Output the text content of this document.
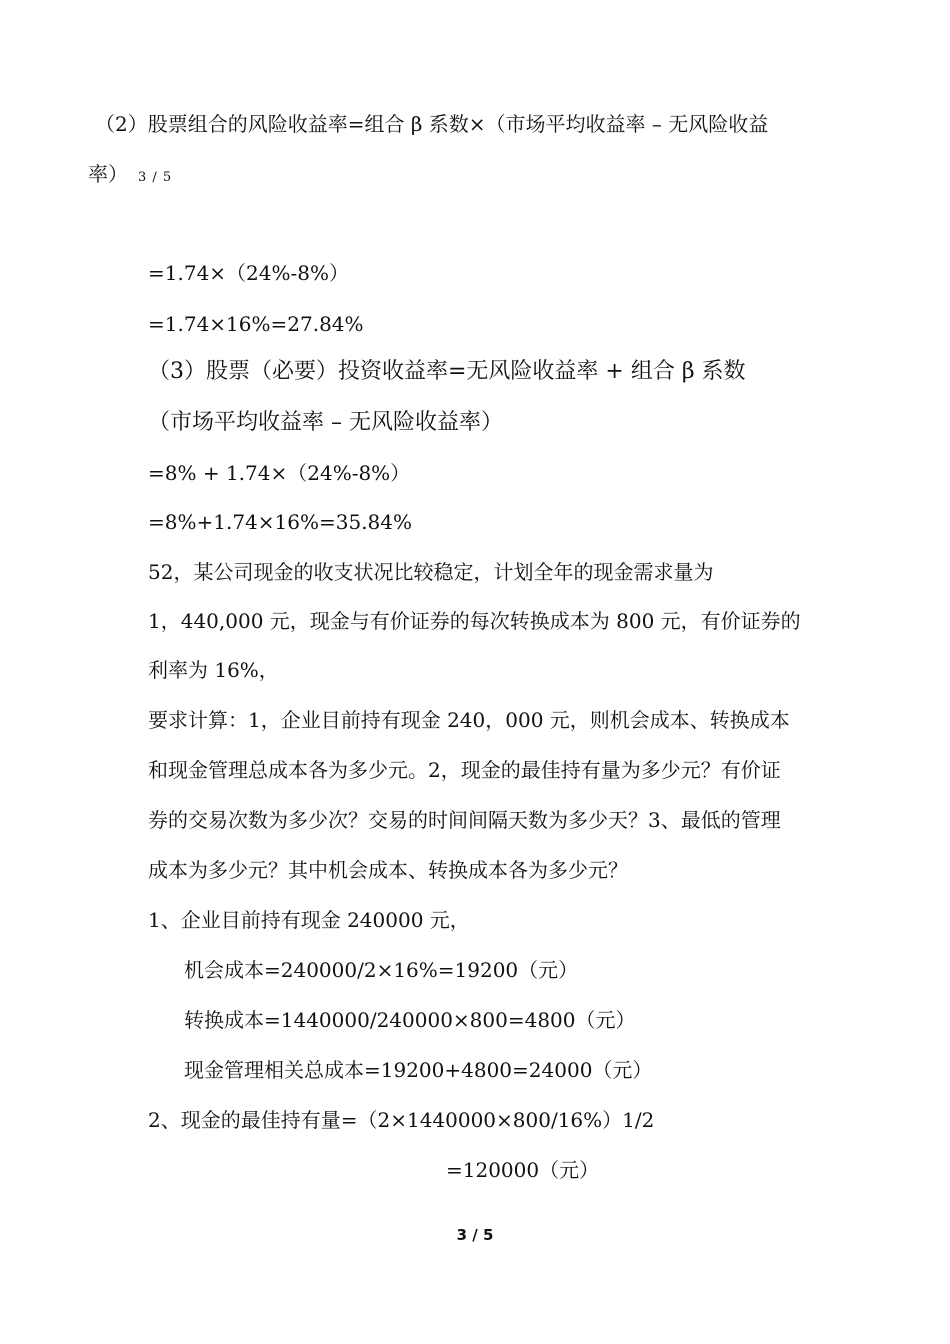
（2）股票组合的风险收益率=组合 β 系数×（市场平均收益率 – 无风险收益
率） 3 / 5
=1.74×（24%-8%）
=1.74×16%=27.84%
（3）股票（必要）投资收益率=无风险收益率 + 组合 β 系数
（市场平均收益率 – 无风险收益率）
=8% + 1.74×（24%-8%）
=8%+1.74×16%=35.84%
52，某公司现金的收支状况比较稳定，计划全年的现金需求量为
1，440,000 元，现金与有价证券的每次转换成本为 800 元，有价证券的
利率为 16%，
要求计算：1，企业目前持有现金 240，000 元，则机会成本、转换成本
和现金管理总成本各为多少元。2，现金的最佳持有量为多少元？有价证
券的交易次数为多少次？交易的时间间隔天数为多少天？3、最低的管理
成本为多少元？其中机会成本、转换成本各为多少元？
1、企业目前持有现金 240000 元，
机会成本=240000/2×16%=19200（元）
转换成本=1440000/240000×800=4800（元）
现金管理相关总成本=19200+4800=24000（元）
2、现金的最佳持有量=（2×1440000×800/16%）1/2
=120000（元）
3 / 5
